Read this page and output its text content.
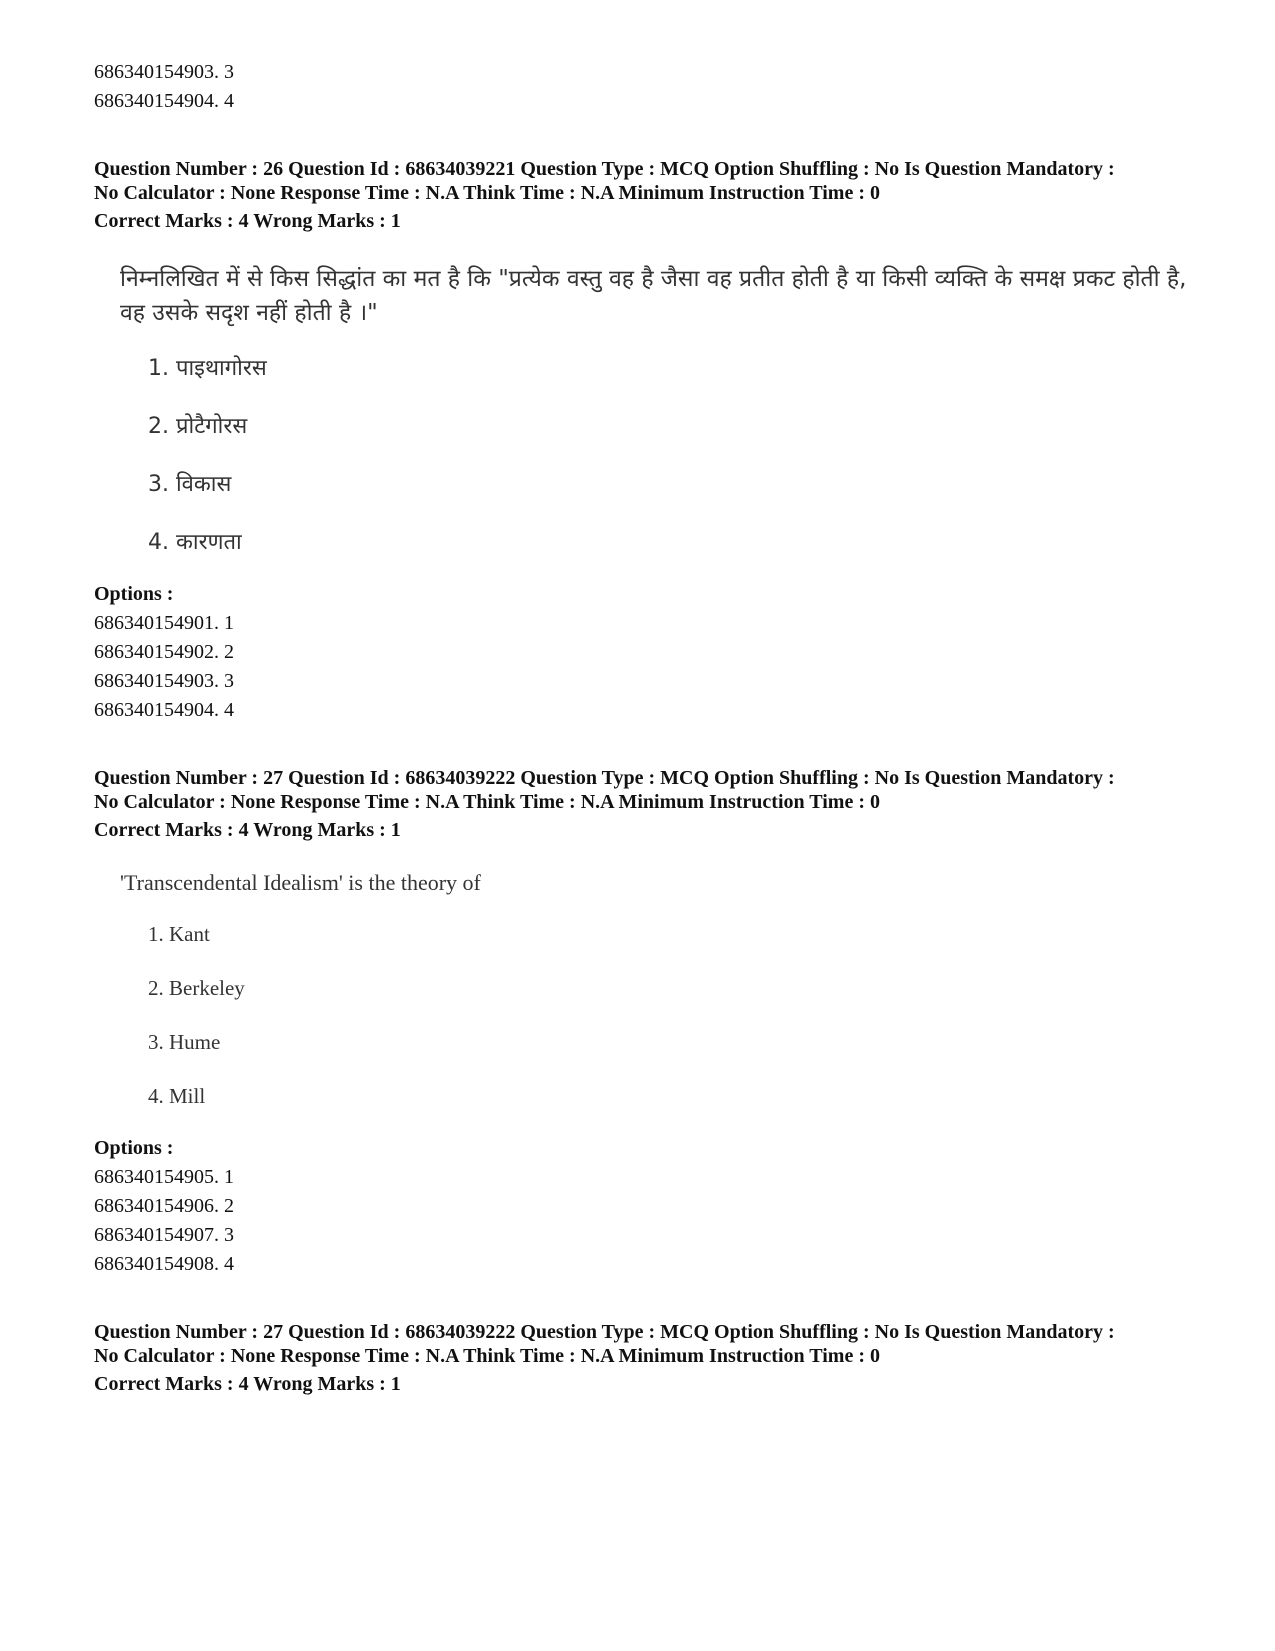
686340154903. 3
686340154904. 4
Question Number : 26 Question Id : 68634039221 Question Type : MCQ Option Shuffling : No Is Question Mandatory :
No Calculator : None Response Time : N.A Think Time : N.A Minimum Instruction Time : 0
Correct Marks : 4 Wrong Marks : 1
निम्नलिखित में से किस सिद्धांत का मत है कि "प्रत्येक वस्तु वह है जैसा वह प्रतीत होती है या किसी व्यक्ति के समक्ष प्रकट होती है, वह उसके सदृश नहीं होती है ।"
1. पाइथागोरस
2. प्रोटैगोरस
3. विकास
4. कारणता
Options :
686340154901. 1
686340154902. 2
686340154903. 3
686340154904. 4
Question Number : 27 Question Id : 68634039222 Question Type : MCQ Option Shuffling : No Is Question Mandatory :
No Calculator : None Response Time : N.A Think Time : N.A Minimum Instruction Time : 0
Correct Marks : 4 Wrong Marks : 1
'Transcendental Idealism' is the theory of
1. Kant
2. Berkeley
3. Hume
4. Mill
Options :
686340154905. 1
686340154906. 2
686340154907. 3
686340154908. 4
Question Number : 27 Question Id : 68634039222 Question Type : MCQ Option Shuffling : No Is Question Mandatory :
No Calculator : None Response Time : N.A Think Time : N.A Minimum Instruction Time : 0
Correct Marks : 4 Wrong Marks : 1
